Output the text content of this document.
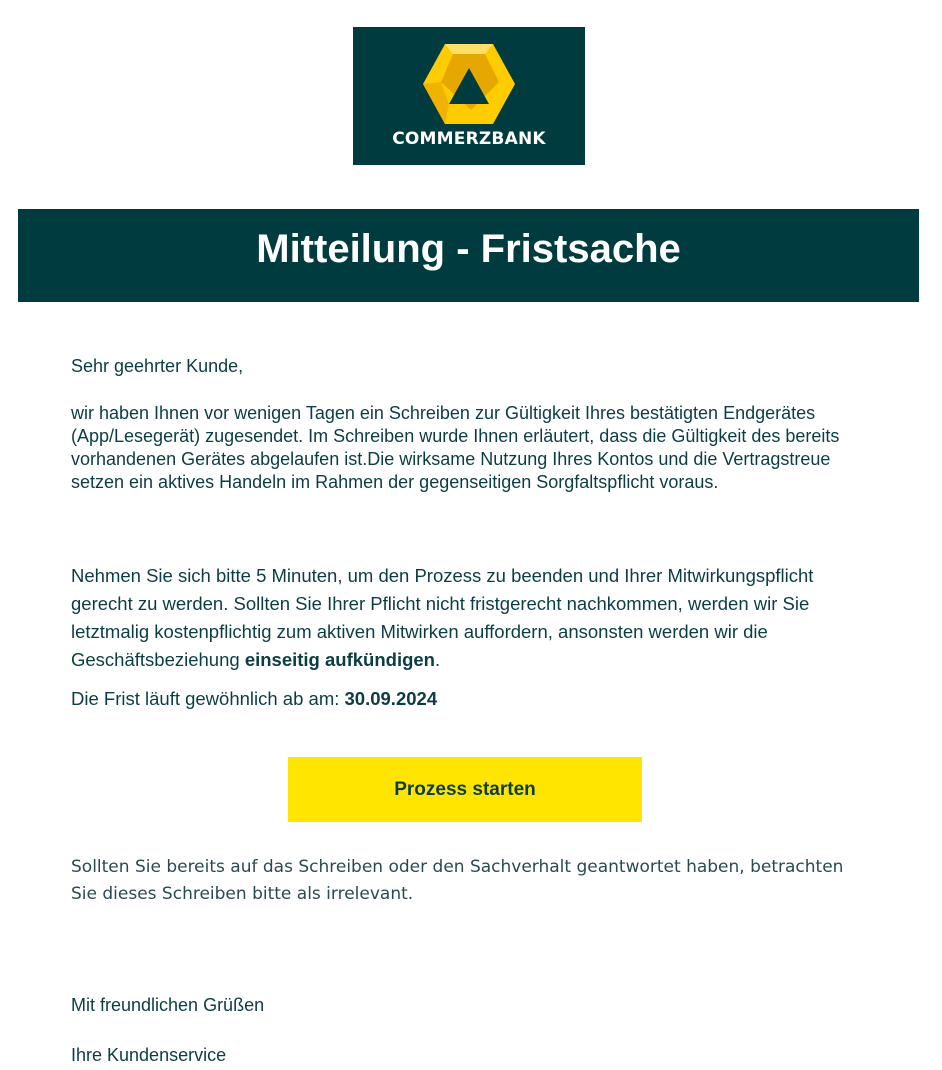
COMMERZBANK
Mitteilung - Fristsache

Sehr geehrter Kunde,

wir haben Ihnen vor wenigen Tagen ein Schreiben zur Gültigkeit Ihres bestätigten Endgerätes (App/Lesegerät) zugesendet. Im Schreiben wurde Ihnen erläutert, dass die Gültigkeit des bereits vorhandenen Gerätes abgelaufen ist.Die wirksame Nutzung Ihres Kontos und die Vertragstreue setzen ein aktives Handeln im Rahmen der gegenseitigen Sorgfaltspflicht voraus.

Nehmen Sie sich bitte 5 Minuten, um den Prozess zu beenden und Ihrer Mitwirkungspflicht gerecht zu werden. Sollten Sie Ihrer Pflicht nicht fristgerecht nachkommen, werden wir Sie letztmalig kostenpflichtig zum aktiven Mitwirken auffordern, ansonsten werden wir die Geschäftsbeziehung einseitig aufkündigen.

Die Frist läuft gewöhnlich ab am: 30.09.2024

Prozess starten

Sollten Sie bereits auf das Schreiben oder den Sachverhalt geantwortet haben, betrachten Sie dieses Schreiben bitte als irrelevant.

Mit freundlichen Grüßen

Ihre Kundenservice
